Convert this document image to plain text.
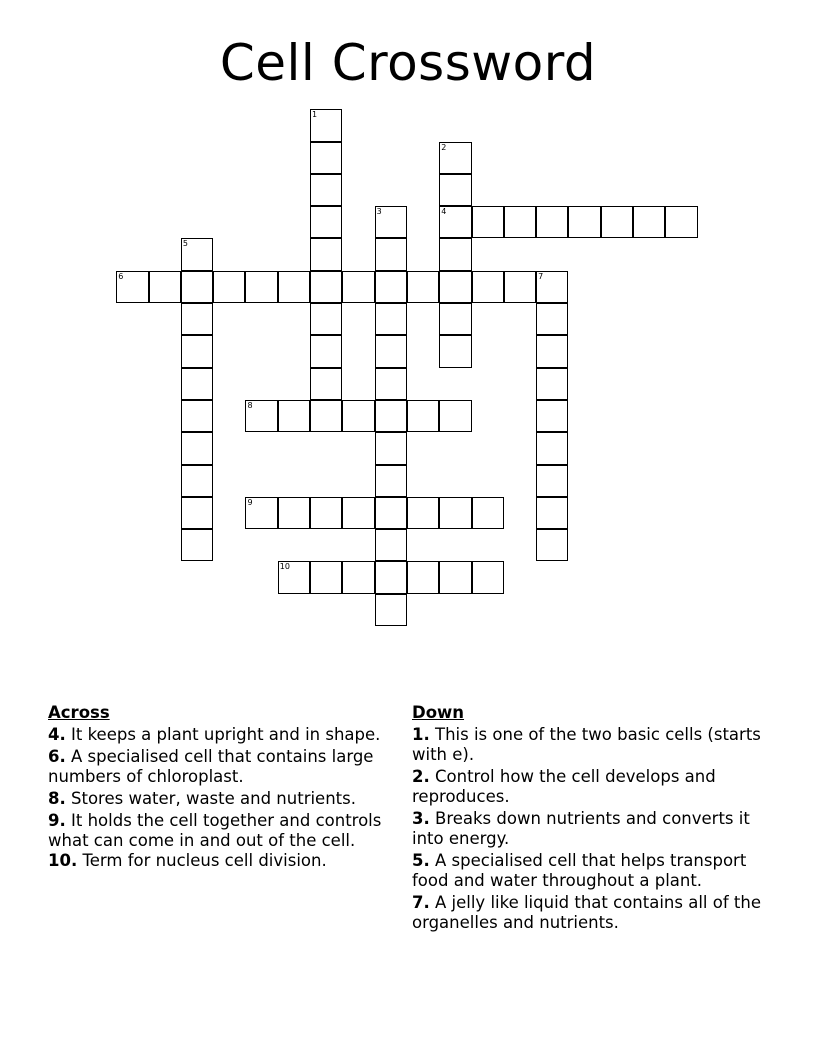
Cell Crossword
1
2
4
3
5
6	7
8
9
10
Across
4. It keeps a plant upright and in shape.
6. A specialised cell that contains large numbers of chloroplast.
8. Stores water, waste and nutrients.
9. It holds the cell together and controls what can come in and out of the cell.
10. Term for nucleus cell division.
Down
1. This is one of the two basic cells (starts with e).
2. Control how the cell develops and reproduces.
3. Breaks down nutrients and converts it into energy.
5. A specialised cell that helps transport food and water throughout a plant.
7. A jelly like liquid that contains all of the organelles and nutrients.
